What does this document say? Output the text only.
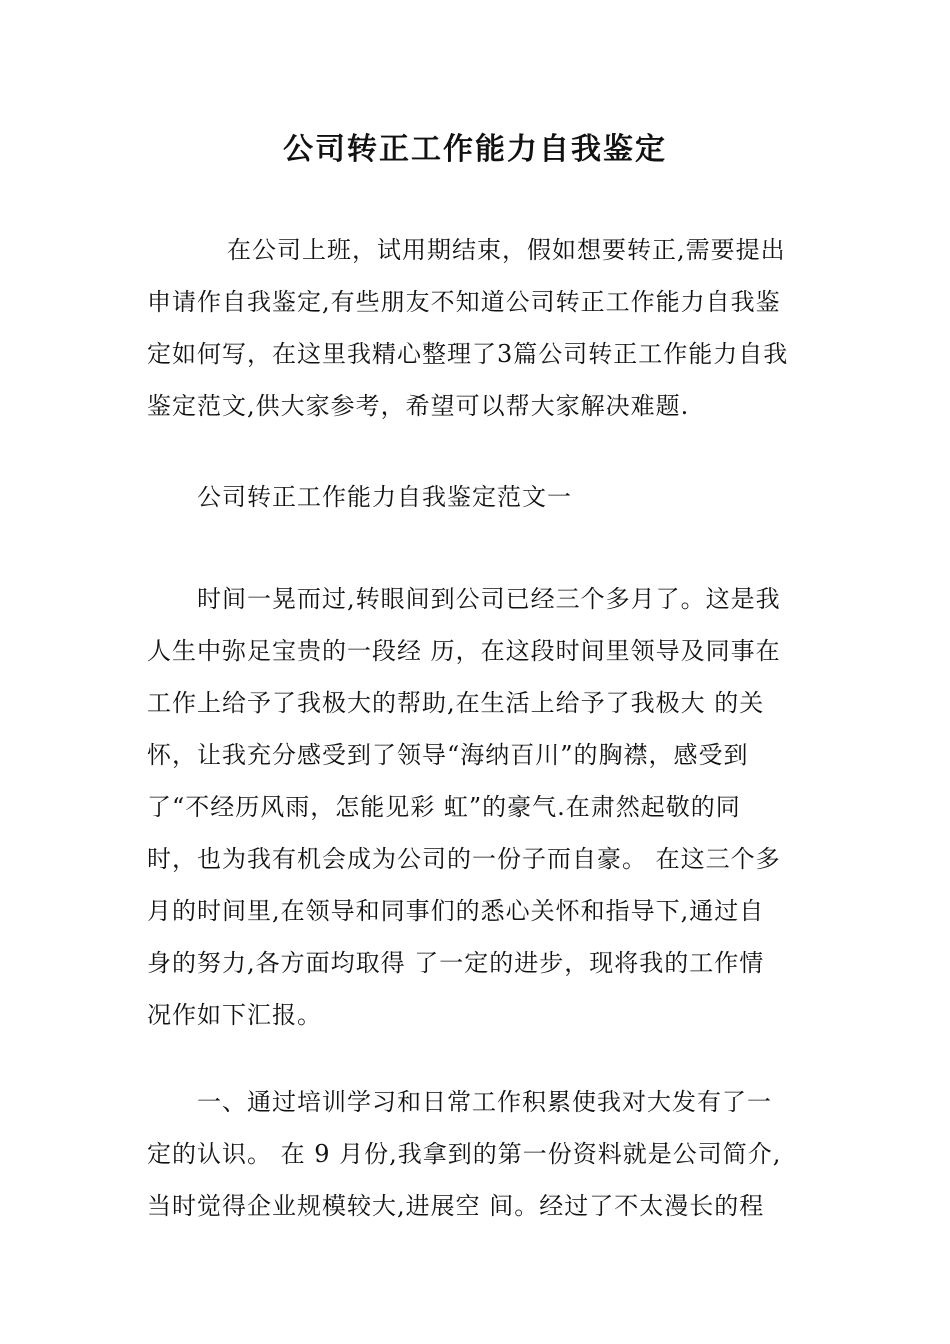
公司转正工作能力自我鉴定
在公司上班，试用期结束，假如想要转正,需要提出
申请作自我鉴定,有些朋友不知道公司转正工作能力自我鉴
定如何写，在这里我精心整理了3篇公司转正工作能力自我
鉴定范文,供大家参考，希望可以帮大家解决难题.
公司转正工作能力自我鉴定范文一
时间一晃而过,转眼间到公司已经三个多月了。这是我
人生中弥足宝贵的一段经 历，在这段时间里领导及同事在
工作上给予了我极大的帮助,在生活上给予了我极大 的关
怀，让我充分感受到了领导“海纳百川”的胸襟，感受到
了“不经历风雨，怎能见彩 虹”的豪气.在肃然起敬的同
时，也为我有机会成为公司的一份子而自豪。 在这三个多
月的时间里,在领导和同事们的悉心关怀和指导下,通过自
身的努力,各方面均取得 了一定的进步，现将我的工作情
况作如下汇报。
一、通过培训学习和日常工作积累使我对大发有了一
定的认识。 在 9 月份,我拿到的第一份资料就是公司简介,
当时觉得企业规模较大,进展空 间。经过了不太漫长的程
